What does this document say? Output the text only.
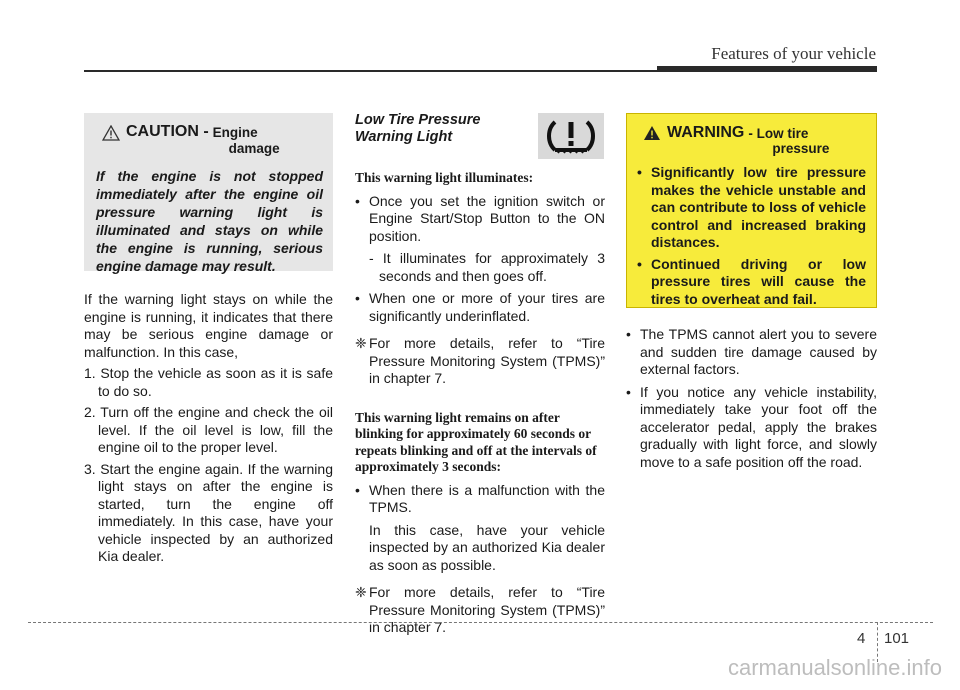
Features of your vehicle
CAUTION - Engine
damage
If the engine is not stopped immediately after the engine oil pressure warning light is illuminated and stays on while the engine is running, serious engine damage may result.

If the warning light stays on while the engine is running, it indicates that there may be serious engine damage or malfunction. In this case,

1. Stop the vehicle as soon as it is safe to do so.
2. Turn off the engine and check the oil level. If the oil level is low, fill the engine oil to the proper level.
3. Start the engine again. If the warning light stays on after the engine is started, turn the engine off immediately. In this case, have your vehicle inspected by an authorized Kia dealer.
Low Tire Pressure
Warning Light
This warning light illuminates:
• Once you set the ignition switch or Engine Start/Stop Button to the ON position.
- It illuminates for approximately 3 seconds and then goes off.
• When one or more of your tires are significantly underinflated.
❈ For more details, refer to “Tire Pressure Monitoring System (TPMS)” in chapter 7.
This warning light remains on after blinking for approximately 60 seconds or repeats blinking and off at the intervals of approximately 3 seconds:
• When there is a malfunction with the TPMS.
In this case, have your vehicle inspected by an authorized Kia dealer as soon as possible.
❈ For more details, refer to “Tire Pressure Monitoring System (TPMS)” in chapter 7.
WARNING - Low tire
pressure
• Significantly low tire pressure makes the vehicle unstable and can contribute to loss of vehicle control and increased braking distances.
• Continued driving or low pressure tires will cause the tires to overheat and fail.
• The TPMS cannot alert you to severe and sudden tire damage caused by external factors.
• If you notice any vehicle instability, immediately take your foot off the accelerator pedal, apply the brakes gradually with light force, and slowly move to a safe position off the road.
4 101
carmanualsonline.info
